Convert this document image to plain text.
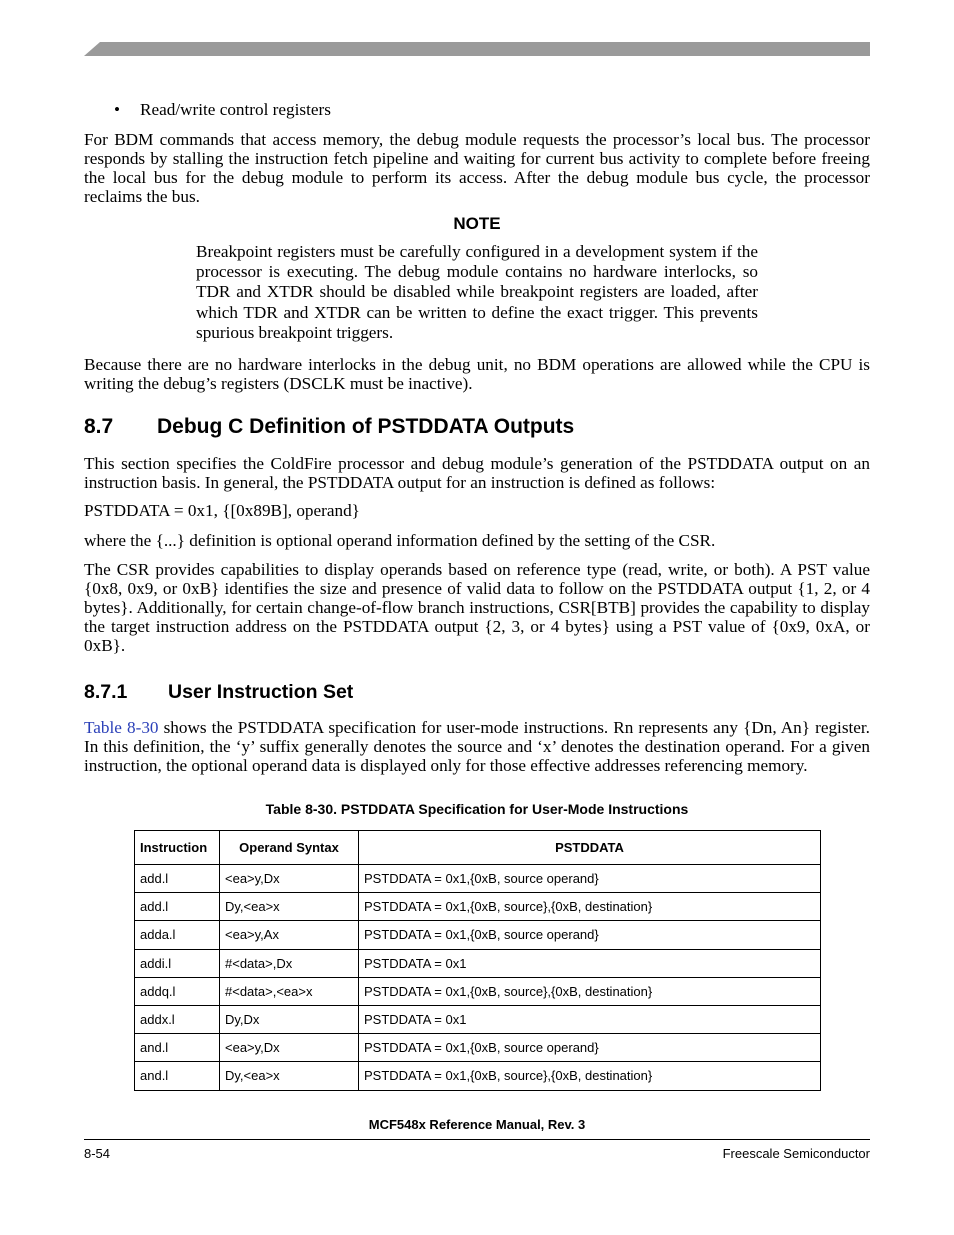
• Read/write control registers

For BDM commands that access memory, the debug module requests the processor’s local bus. The processor responds by stalling the instruction fetch pipeline and waiting for current bus activity to complete before freeing the local bus for the debug module to perform its access. After the debug module bus cycle, the processor reclaims the bus.

NOTE

Breakpoint registers must be carefully configured in a development system if the processor is executing. The debug module contains no hardware interlocks, so TDR and XTDR should be disabled while breakpoint registers are loaded, after which TDR and XTDR can be written to define the exact trigger. This prevents spurious breakpoint triggers.

Because there are no hardware interlocks in the debug unit, no BDM operations are allowed while the CPU is writing the debug’s registers (DSCLK must be inactive).

8.7 Debug C Definition of PSTDDATA Outputs

This section specifies the ColdFire processor and debug module’s generation of the PSTDDATA output on an instruction basis. In general, the PSTDDATA output for an instruction is defined as follows:

PSTDDATA = 0x1, {[0x89B], operand}

where the {...} definition is optional operand information defined by the setting of the CSR.

The CSR provides capabilities to display operands based on reference type (read, write, or both). A PST value {0x8, 0x9, or 0xB} identifies the size and presence of valid data to follow on the PSTDDATA output {1, 2, or 4 bytes}. Additionally, for certain change-of-flow branch instructions, CSR[BTB] provides the capability to display the target instruction address on the PSTDDATA output {2, 3, or 4 bytes} using a PST value of {0x9, 0xA, or 0xB}.

8.7.1 User Instruction Set

Table 8-30 shows the PSTDDATA specification for user-mode instructions. Rn represents any {Dn, An} register. In this definition, the ‘y’ suffix generally denotes the source and ‘x’ denotes the destination operand. For a given instruction, the optional operand data is displayed only for those effective addresses referencing memory.

Table 8-30. PSTDDATA Specification for User-Mode Instructions
Instruction	Operand Syntax	PSTDDATA
add.l	<ea>y,Dx	PSTDDATA = 0x1,{0xB, source operand}
add.l	Dy,<ea>x	PSTDDATA = 0x1,{0xB, source},{0xB, destination}
adda.l	<ea>y,Ax	PSTDDATA = 0x1,{0xB, source operand}
addi.l	#<data>,Dx	PSTDDATA = 0x1
addq.l	#<data>,<ea>x	PSTDDATA = 0x1,{0xB, source},{0xB, destination}
addx.l	Dy,Dx	PSTDDATA = 0x1
and.l	<ea>y,Dx	PSTDDATA = 0x1,{0xB, source operand}
and.l	Dy,<ea>x	PSTDDATA = 0x1,{0xB, source},{0xB, destination}
MCF548x Reference Manual, Rev. 3
8-54	Freescale Semiconductor
